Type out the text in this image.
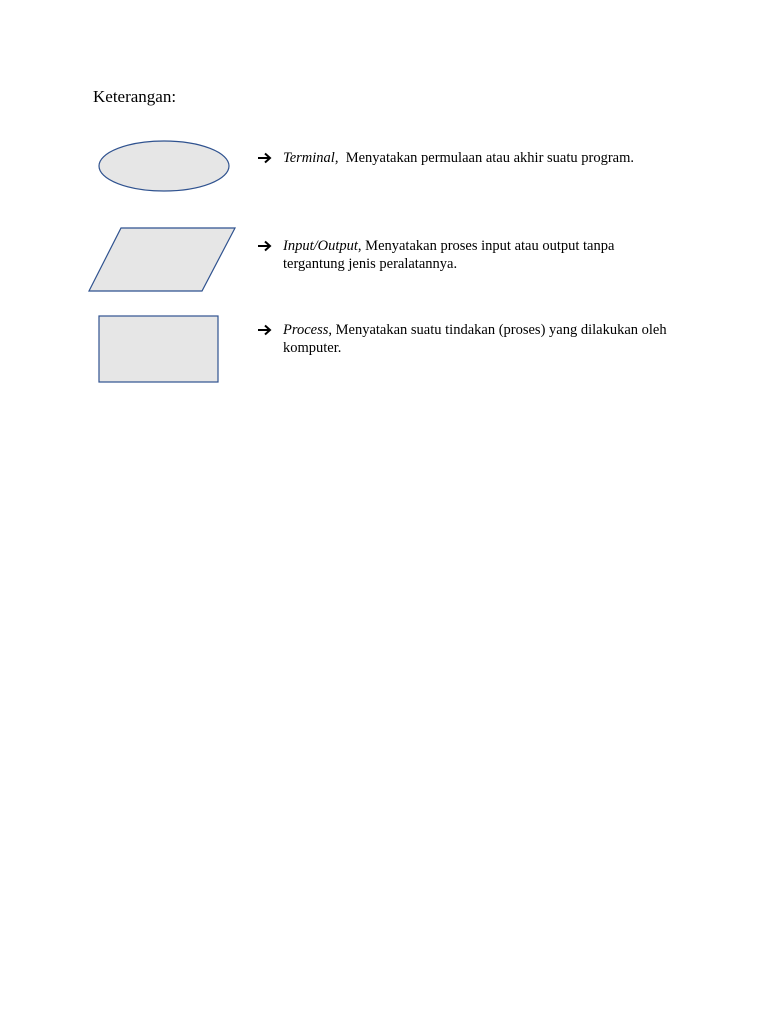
Keterangan:
Terminal,  Menyatakan permulaan atau akhir suatu program.
Input/Output, Menyatakan proses input atau output tanpa tergantung jenis peralatannya.
Process, Menyatakan suatu tindakan (proses) yang dilakukan oleh komputer.
